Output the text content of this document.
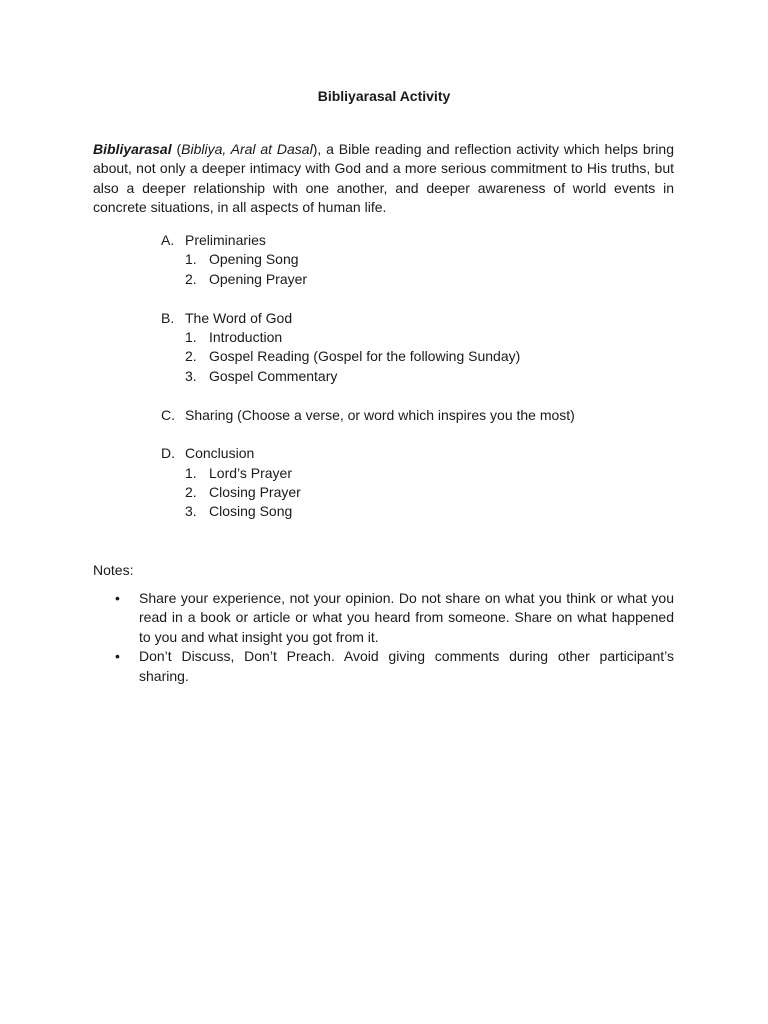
Bibliyarasal Activity

Bibliyarasal (Bibliya, Aral at Dasal), a Bible reading and reflection activity which helps bring about, not only a deeper intimacy with God and a more serious commitment to His truths, but also a deeper relationship with one another, and deeper awareness of world events in concrete situations, in all aspects of human life.

A. Preliminaries
1. Opening Song
2. Opening Prayer
B. The Word of God
1. Introduction
2. Gospel Reading (Gospel for the following Sunday)
3. Gospel Commentary
C. Sharing (Choose a verse, or word which inspires you the most)
D. Conclusion
1. Lord’s Prayer
2. Closing Prayer
3. Closing Song
Notes:
• Share your experience, not your opinion. Do not share on what you think or what you read in a book or article or what you heard from someone. Share on what happened to you and what insight you got from it.
• Don’t Discuss, Don’t Preach. Avoid giving comments during other participant’s sharing.
